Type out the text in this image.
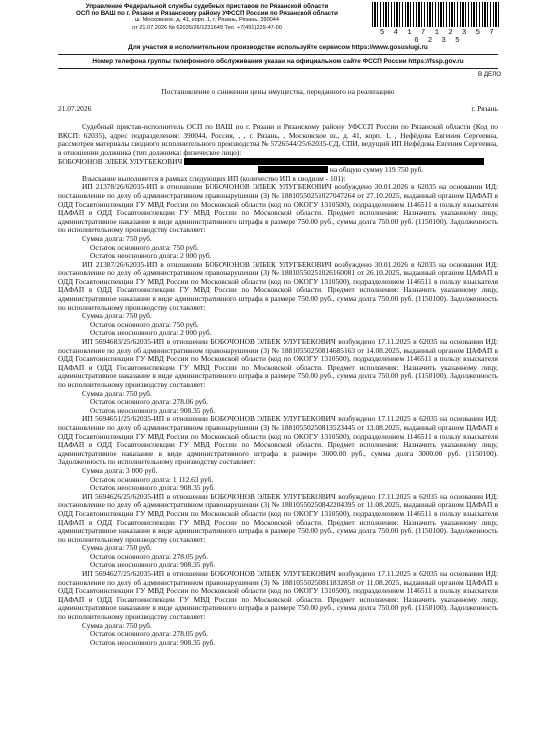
Управление Федеральной службы судебных приставов по Рязанской области
ОСП по ВАШ по г. Рязани и Рязанскому району УФССП России по Рязанской области
ш. Московское, д. 41, корп. 1, г. Рязань, Рязань, 390044
от 21.07.2026 № 62035/26/1231649 Тел. +7(491)229-47-00
5 4 1 7 1 2 3 5 7 6 2 3 5
Для участия в исполнительном производстве используйте сервисом https://www.gosuslugi.ru
Номер телефона группы телефонного обслуживания указан на официальном сайте ФССП России https://fssp.gov.ru
В ДЕЛО
Постановление о снижении цены имущества, переданного на реализацию
21.07.2026	г. Рязань

Судебный пристав-исполнитель ОСП по ВАШ по г. Рязани и Рязанскому району УФССП России по Рязанской области (Код по ВКСП: 62035), адрес подразделения: 390044, Россия, , , г. Рязань, , Московское ш., д. 41, корп. 1, , Нефёдова Евгения Сергеевна, рассмотрев материалы сводного исполнительного производства № 5726544/25/62035-СД, СПИ, ведущий ИП Нефёдова Евгения Сергеевна, в отношении должника (тип должника: физическое лицо):

БОБОЧОНОВ ЭЛБЕК УЛУГБЕКОВИЧ
на общую сумму 119 750 руб.
Взыскание выполняется в рамках следующих ИП (количество ИП в сводном - 101):

ИП 21378/26/62035-ИП в отношении БОБОЧОНОВ ЭЛБЕК УЛУГБЕКОВИЧ возбуждено 30.01.2026 в 62035 на основании ИД: постановление по делу об административном правонарушении (3) № 18810550251027047264 от 27.10.2025, выданный органом ЦАФАП в ОДД Госавтоинспекции ГУ МВД России по Московской области (код по ОКОГУ 1310500), подразделением 1146511 в пользу взыскателя ЦАФАП в ОДД Госавтоинспекции ГУ МВД России по Московской области. Предмет исполнения: Назначить указанному лицу, административное наказание в виде административного штрафа в размере 750.00 руб., сумма долга 750.00 руб. (1150100). Задолженность по исполнительному производству составляет:

Сумма долга: 750 руб.
Остаток основного долга: 750 руб.
Остаток неосновного долга: 2 000 руб.

ИП 21387/26/62035-ИП в отношении БОБОЧОНОВ ЭЛБЕК УЛУГБЕКОВИЧ возбуждено 30.01.2026 в 62035 на основании ИД: постановление по делу об административном правонарушении (3) № 18810550251026160081 от 26.10.2025, выданный органом ЦАФАП в ОДД Госавтоинспекции ГУ МВД России по Московской области (код по ОКОГУ 1310500), подразделением 1146511 в пользу взыскателя ЦАФАП в ОДД Госавтоинспекции ГУ МВД России по Московской области. Предмет исполнения: Назначить указанному лицу, административное наказание в виде административного штрафа в размере 750.00 руб., сумма долга 750.00 руб. (1150100). Задолженность по исполнительному производству составляет:

Сумма долга: 750 руб.
Остаток основного долга: 750 руб.
Остаток неосновного долга: 2 000 руб.

ИП 5694683/25/62035-ИП в отношении БОБОЧОНОВ ЭЛБЕК УЛУГБЕКОВИЧ возбуждено 17.11.2025 в 62035 на основании ИД: постановление по делу об административном правонарушении (3) № 18810550250814685163 от 14.08.2025, выданный органом ЦАФАП в ОДД Госавтоинспекции ГУ МВД России по Московской области (код по ОКОГУ 1310500), подразделением 1146511 в пользу взыскателя ЦАФАП в ОДД Госавтоинспекции ГУ МВД России по Московской области. Предмет исполнения: Назначить указанному лицу, административное наказание в виде административного штрафа в размере 750.00 руб., сумма долга 750.00 руб. (1150100). Задолженность по исполнительному производству составляет:

Сумма долга: 750 руб.
Остаток основного долга: 278.06 руб.
Остаток неосновного долга: 908.35 руб.

ИП 5694651/25/62035-ИП в отношении БОБОЧОНОВ ЭЛБЕК УЛУГБЕКОВИЧ возбуждено 17.11.2025 в 62035 на основании ИД: постановление по делу об административном правонарушении (3) № 18810550250813523445 от 13.08.2025, выданный органом ЦАФАП в ОДД Госавтоинспекции ГУ МВД России по Московской области (код по ОКОГУ 1310500), подразделением 1146511 в пользу взыскателя ЦАФАП в ОДД Госавтоинспекции ГУ МВД России по Московской области. Предмет исполнения: Назначить указанному лицу, административное наказание в виде административного штрафа в размере 3000.00 руб., сумма долга 3000.00 руб. (1150100). Задолженность по исполнительному производству составляет:

Сумма долга: 3 000 руб.
Остаток основного долга: 1 112.63 руб.
Остаток неосновного долга: 908.35 руб.

ИП 5694626/25/62035-ИП в отношении БОБОЧОНОВ ЭЛБЕК УЛУГБЕКОВИЧ возбуждено 17.11.2025 в 62035 на основании ИД: постановление по делу об административном правонарушении (3) № 18810550250842204395 от 11.08.2025, выданный органом ЦАФАП в ОДД Госавтоинспекции ГУ МВД России по Московской области (код по ОКОГУ 1310500), подразделением 1146511 в пользу взыскателя ЦАФАП в ОДД Госавтоинспекции ГУ МВД России по Московской области. Предмет исполнения: Назначить указанному лицу, административное наказание в виде административного штрафа в размере 750.00 руб., сумма долга 750.00 руб. (1150100). Задолженность по исполнительному производству составляет:

Сумма долга: 750 руб.
Остаток основного долга: 278.05 руб.
Остаток неосновного долга: 908.35 руб.

ИП 5694627/25/62035-ИП в отношении БОБОЧОНОВ ЭЛБЕК УЛУГБЕКОВИЧ возбуждено 17.11.2025 в 62035 на основании ИД: постановление по делу об административном правонарушении (3) № 18810550250811832858 от 11.08.2025, выданный органом ЦАФАП в ОДД Госавтоинспекции ГУ МВД России по Московской области (код по ОКОГУ 1310500), подразделением 1146511 в пользу взыскателя ЦАФАП в ОДД Госавтоинспекции ГУ МВД России по Московской области. Предмет исполнения: Назначить указанному лицу, административное наказание в виде административного штрафа в размере 750.00 руб., сумма долга 750.00 руб. (1150100). Задолженность по исполнительному производству составляет:

Сумма долга: 750 руб.
Остаток основного долга: 278.05 руб.
Остаток неосновного долга: 908.35 руб.
